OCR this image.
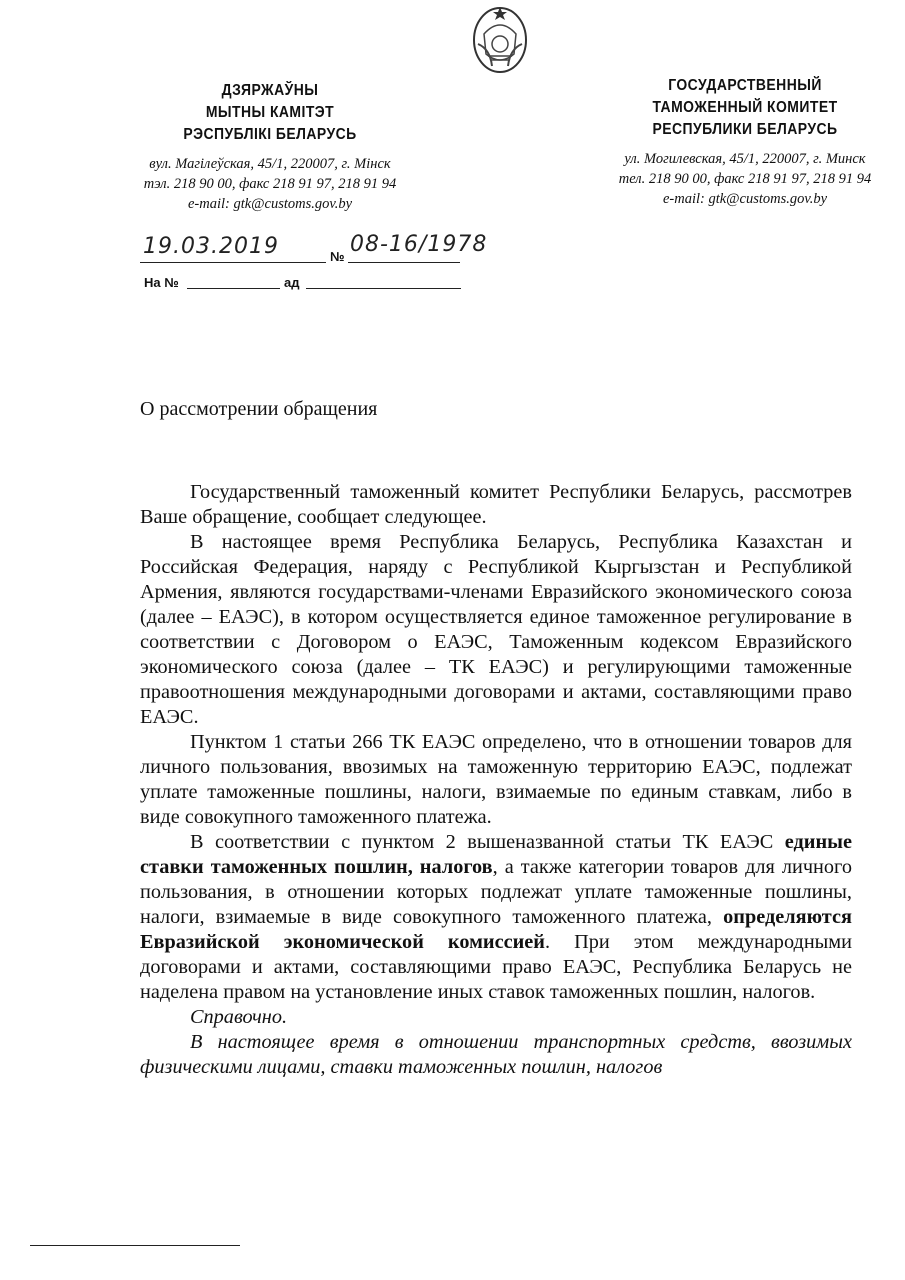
ДЗЯРЖАЎНЫ
МЫТНЫ КАМІТЭТ
РЭСПУБЛІКІ БЕЛАРУСЬ
вул. Магілеўская, 45/1, 220007, г. Мінск
тэл. 218 90 00, факс 218 91 97, 218 91 94
e-mail: gtk@customs.gov.by
ГОСУДАРСТВЕННЫЙ
ТАМОЖЕННЫЙ КОМИТЕТ
РЕСПУБЛИКИ БЕЛАРУСЬ
ул. Могилевская, 45/1, 220007, г. Минск
тел. 218 90 00, факс 218 91 97, 218 91 94
e-mail: gtk@customs.gov.by
19.03.2019	№ 08-16/1978
На №	ад
О рассмотрении обращения

Государственный таможенный комитет Республики Беларусь, рассмотрев Ваше обращение, сообщает следующее.

В настоящее время Республика Беларусь, Республика Казахстан и Российская Федерация, наряду с Республикой Кыргызстан и Республикой Армения, являются государствами-членами Евразийского экономического союза (далее – ЕАЭС), в котором осуществляется единое таможенное регулирование в соответствии с Договором о ЕАЭС, Таможенным кодексом Евразийского экономического союза (далее – ТК ЕАЭС) и регулирующими таможенные правоотношения международными договорами и актами, составляющими право ЕАЭС.

Пунктом 1 статьи 266 ТК ЕАЭС определено, что в отношении товаров для личного пользования, ввозимых на таможенную территорию ЕАЭС, подлежат уплате таможенные пошлины, налоги, взимаемые по единым ставкам, либо в виде совокупного таможенного платежа.

В соответствии с пунктом 2 вышеназванной статьи ТК ЕАЭС единые ставки таможенных пошлин, налогов, а также категории товаров для личного пользования, в отношении которых подлежат уплате таможенные пошлины, налоги, взимаемые в виде совокупного таможенного платежа, определяются Евразийской экономической комиссией. При этом международными договорами и актами, составляющими право ЕАЭС, Республика Беларусь не наделена правом на установление иных ставок таможенных пошлин, налогов.

Справочно.

В настоящее время в отношении транспортных средств, ввозимых физическими лицами, ставки таможенных пошлин, налогов
